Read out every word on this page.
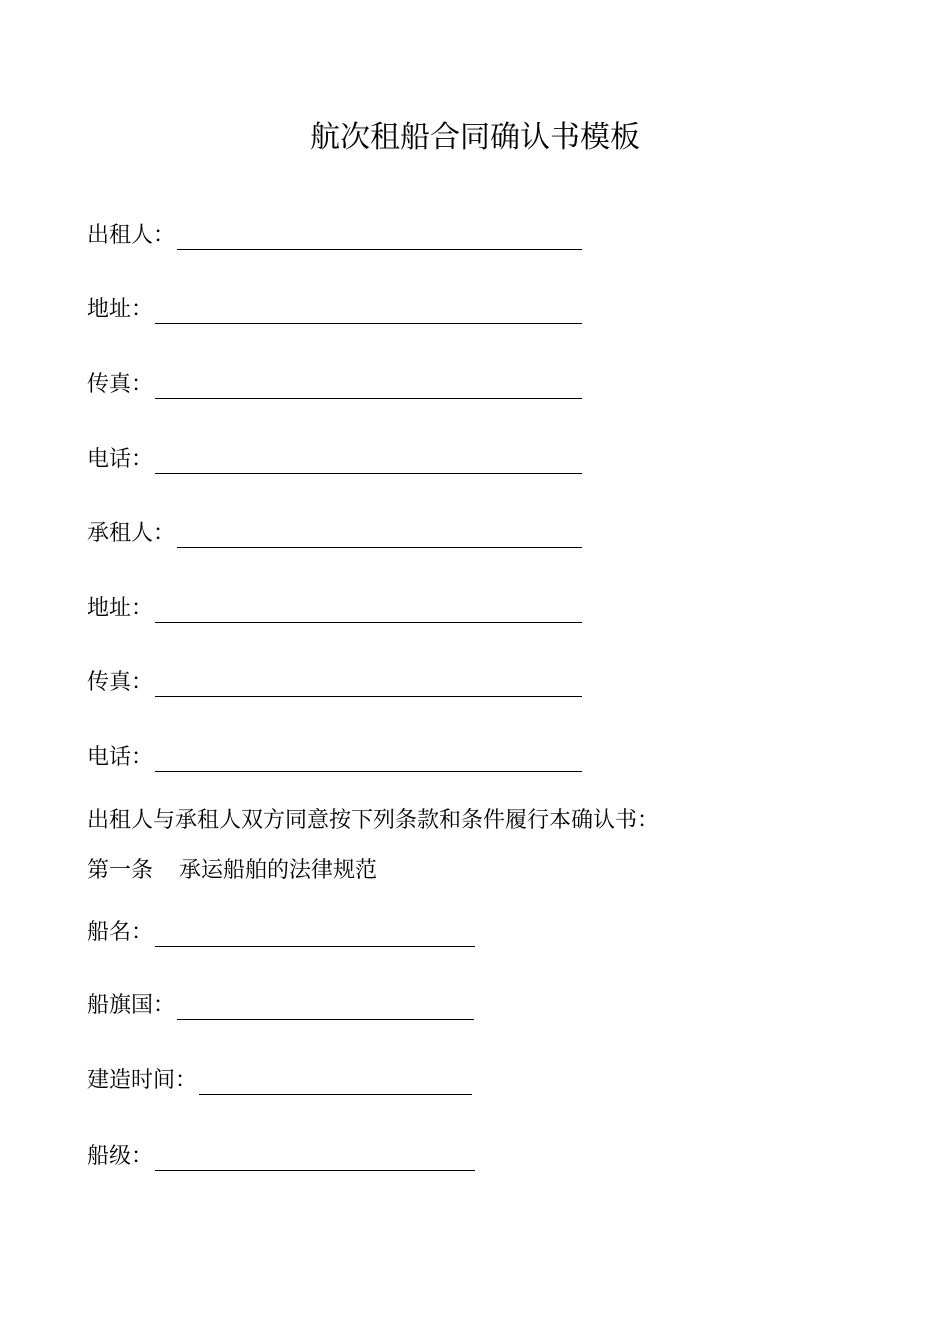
航次租船合同确认书模板
出租人：
地址：
传真：
电话：
承租人：
地址：
传真：
电话：
出租人与承租人双方同意按下列条款和条件履行本确认书：
第一条 承运船舶的法律规范
船名：
船旗国：
建造时间：
船级：
